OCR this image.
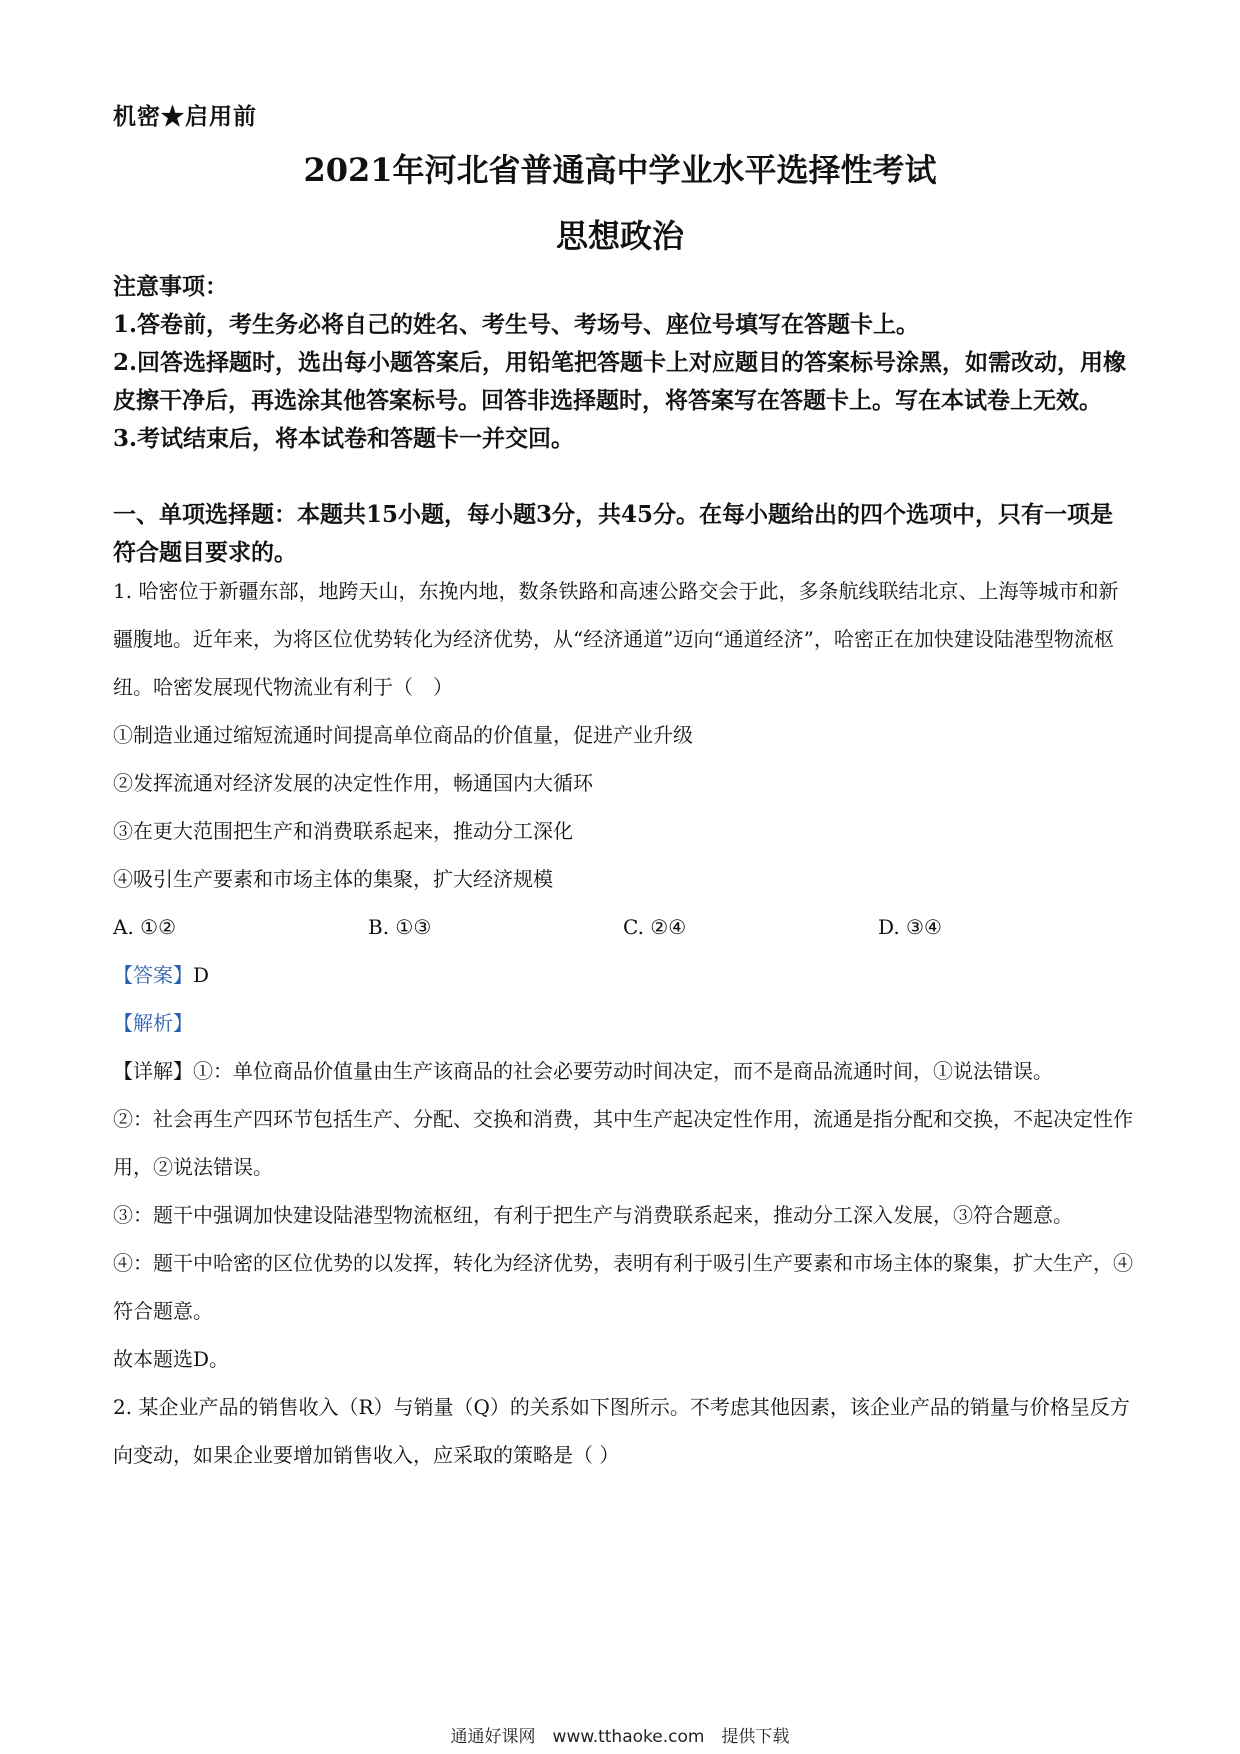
机密★启用前
2021年河北省普通高中学业水平选择性考试
思想政治

注意事项：

1.答卷前，考生务必将自己的姓名、考生号、考场号、座位号填写在答题卡上。

2.回答选择题时，选出每小题答案后，用铅笔把答题卡上对应题目的答案标号涂黑，如需改动，用橡皮擦干净后，再选涂其他答案标号。回答非选择题时，将答案写在答题卡上。写在本试卷上无效。

3.考试结束后，将本试卷和答题卡一并交回。

一、单项选择题：本题共15小题，每小题3分，共45分。在每小题给出的四个选项中，只有一项是符合题目要求的。

1. 哈密位于新疆东部，地跨天山，东挽内地，数条铁路和高速公路交会于此，多条航线联结北京、上海等城市和新疆腹地。近年来，为将区位优势转化为经济优势，从“经济通道”迈向“通道经济”，哈密正在加快建设陆港型物流枢纽。哈密发展现代物流业有利于（　）

①制造业通过缩短流通时间提高单位商品的价值量，促进产业升级

②发挥流通对经济发展的决定性作用，畅通国内大循环

③在更大范围把生产和消费联系起来，推动分工深化

④吸引生产要素和市场主体的集聚，扩大经济规模

A. ①②	B. ①③	C. ②④	D. ③④

【答案】D

【解析】

【详解】①：单位商品价值量由生产该商品的社会必要劳动时间决定，而不是商品流通时间，①说法错误。

②：社会再生产四环节包括生产、分配、交换和消费，其中生产起决定性作用，流通是指分配和交换，不起决定性作用，②说法错误。

③：题干中强调加快建设陆港型物流枢纽，有利于把生产与消费联系起来，推动分工深入发展，③符合题意。

④：题干中哈密的区位优势的以发挥，转化为经济优势，表明有利于吸引生产要素和市场主体的聚集，扩大生产，④符合题意。

故本题选D。

2. 某企业产品的销售收入（R）与销量（Q）的关系如下图所示。不考虑其他因素，该企业产品的销量与价格呈反方向变动，如果企业要增加销售收入，应采取的策略是（ ）

通通好课网　www.tthaoke.com　提供下载
